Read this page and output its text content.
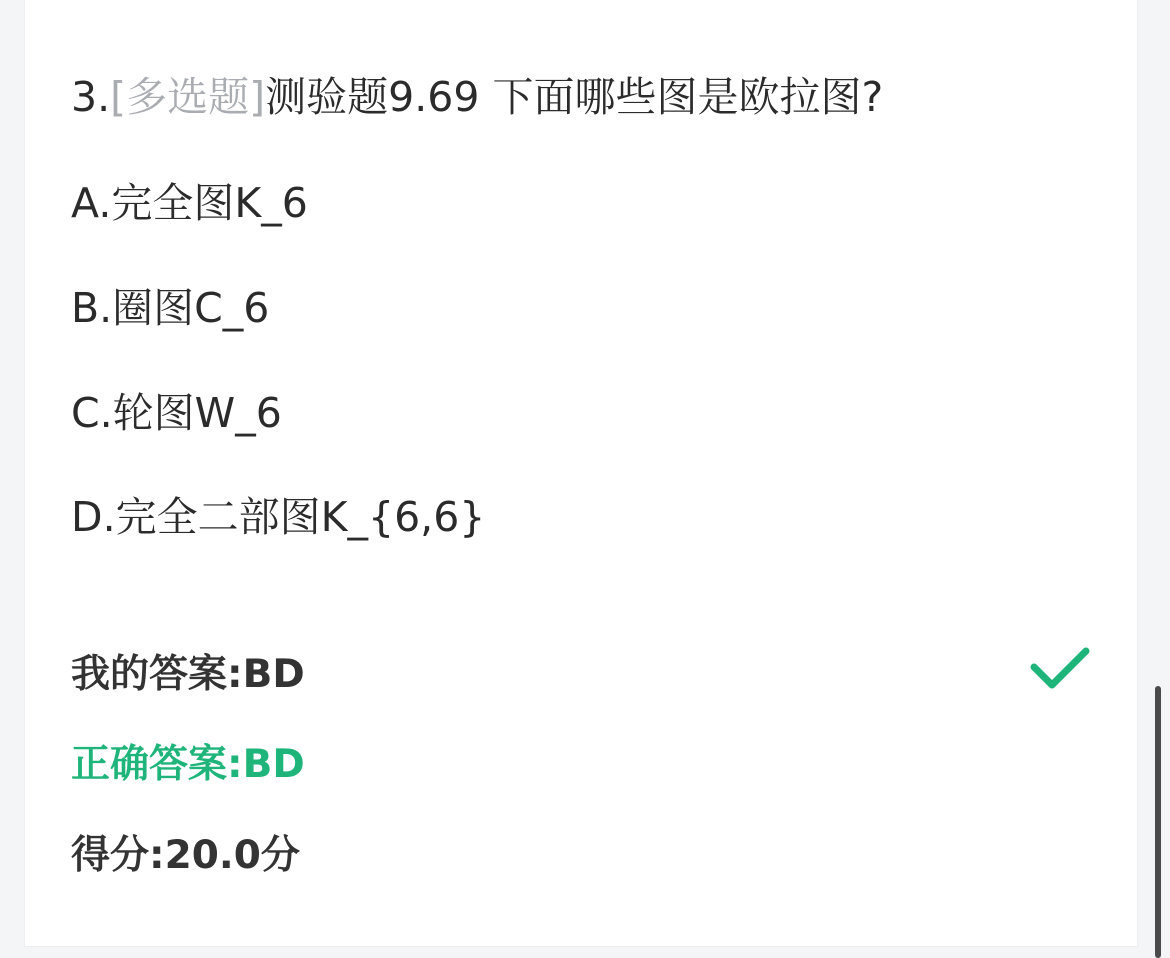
3.[多选题]测验题9.69 下面哪些图是欧拉图?
A.完全图K_6
B.圈图C_6
C.轮图W_6
D.完全二部图K_{6,6}
我的答案:BD
正确答案:BD
得分:20.0分
